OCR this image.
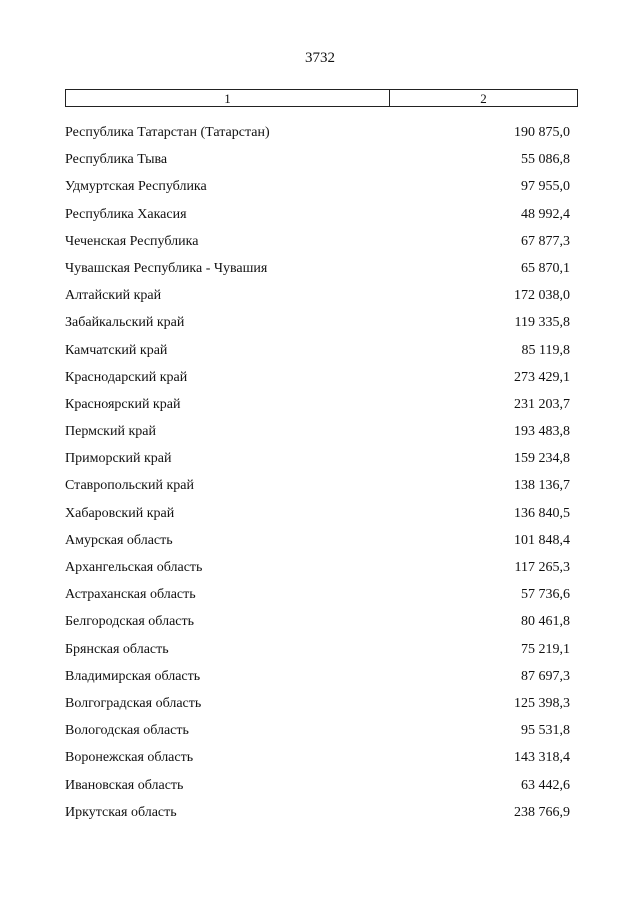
3732
1	2
Республика Татарстан (Татарстан)	190 875,0
Республика Тыва	55 086,8
Удмуртская Республика	97 955,0
Республика Хакасия	48 992,4
Чеченская Республика	67 877,3
Чувашская Республика - Чувашия	65 870,1
Алтайский край	172 038,0
Забайкальский край	119 335,8
Камчатский край	85 119,8
Краснодарский край	273 429,1
Красноярский край	231 203,7
Пермский край	193 483,8
Приморский край	159 234,8
Ставропольский край	138 136,7
Хабаровский край	136 840,5
Амурская область	101 848,4
Архангельская область	117 265,3
Астраханская область	57 736,6
Белгородская область	80 461,8
Брянская область	75 219,1
Владимирская область	87 697,3
Волгоградская область	125 398,3
Вологодская область	95 531,8
Воронежская область	143 318,4
Ивановская область	63 442,6
Иркутская область	238 766,9
